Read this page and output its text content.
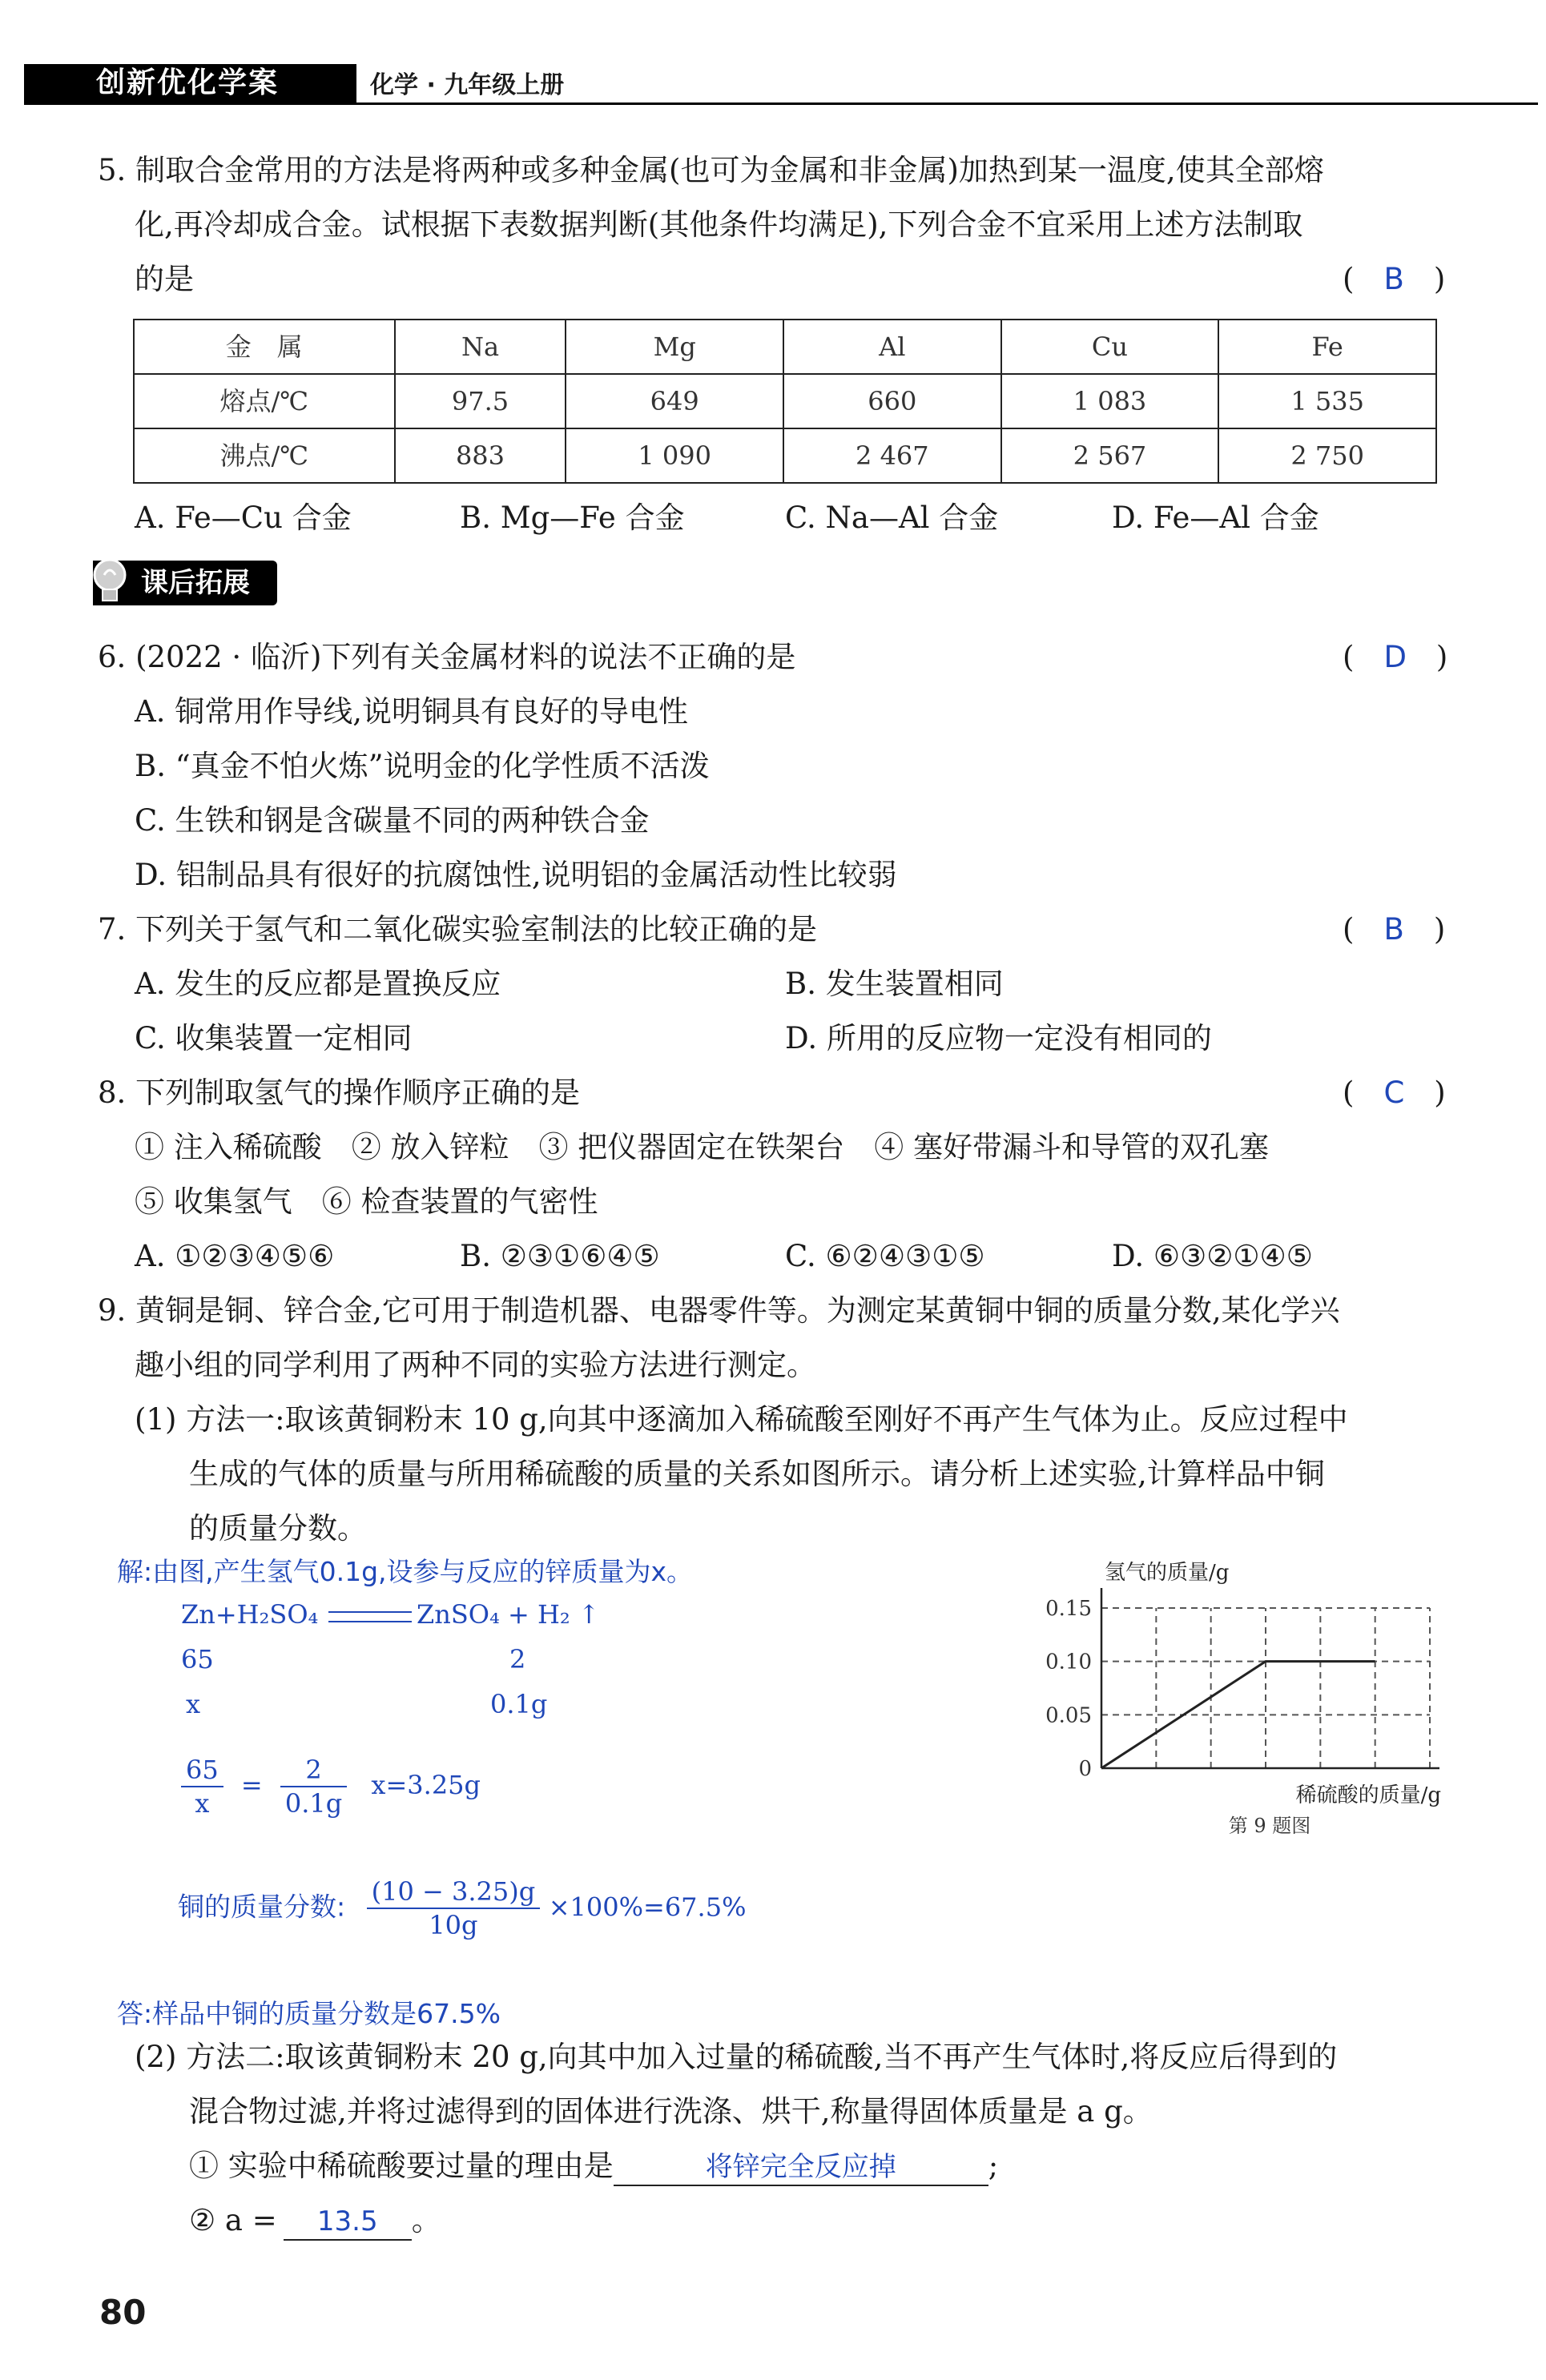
创新优化学案	化学 · 九年级上册
5. 制取合金常用的方法是将两种或多种金属(也可为金属和非金属)加热到某一温度,使其全部熔
化,再冷却成合金。试根据下表数据判断(其他条件均满足),下列合金不宜采用上述方法制取
的是	(　B　)
金　属	Na	Mg	Al	Cu	Fe
熔点/℃	97.5	649	660	1 083	1 535
沸点/℃	883	1 090	2 467	2 567	2 750
A. Fe—Cu 合金	B. Mg—Fe 合金	C. Na—Al 合金	D. Fe—Al 合金
课后拓展
6. (2022 · 临沂)下列有关金属材料的说法不正确的是	(　D　)
A. 铜常用作导线,说明铜具有良好的导电性
B. “真金不怕火炼”说明金的化学性质不活泼
C. 生铁和钢是含碳量不同的两种铁合金
D. 铝制品具有很好的抗腐蚀性,说明铝的金属活动性比较弱
7. 下列关于氢气和二氧化碳实验室制法的比较正确的是	(　B　)
A. 发生的反应都是置换反应	B. 发生装置相同
C. 收集装置一定相同	D. 所用的反应物一定没有相同的
8. 下列制取氢气的操作顺序正确的是	(　C　)
① 注入稀硫酸　② 放入锌粒　③ 把仪器固定在铁架台　④ 塞好带漏斗和导管的双孔塞
⑤ 收集氢气　⑥ 检查装置的气密性
A. ①②③④⑤⑥	B. ②③①⑥④⑤	C. ⑥②④③①⑤	D. ⑥③②①④⑤
9. 黄铜是铜、锌合金,它可用于制造机器、电器零件等。为测定某黄铜中铜的质量分数,某化学兴
趣小组的同学利用了两种不同的实验方法进行测定。
(1) 方法一:取该黄铜粉末 10 g,向其中逐滴加入稀硫酸至刚好不再产生气体为止。反应过程中
生成的气体的质量与所用稀硫酸的质量的关系如图所示。请分析上述实验,计算样品中铜
的质量分数。
解:由图,产生氢气0.1g,设参与反应的锌质量为x。
Zn+H₂SO₄	ZnSO₄ + H₂ ↑
65	2
x	0.1g
$\frac{65}{x} = \frac{2}{0.1g} x=3.25g$
铜的质量分数: $\frac{(10 - 3.25)g}{10g} \times 100\%=67.5\%$
答:样品中铜的质量分数是67.5%
0
0.05
0.10
0.15
氢气的质量/g
稀硫酸的质量/g
第 9 题图
(2) 方法二:取该黄铜粉末 20 g,向其中加入过量的稀硫酸,当不再产生气体时,将反应后得到的
混合物过滤,并将过滤得到的固体进行洗涤、烘干,称量得固体质量是 a g。
① 实验中稀硫酸要过量的理由是	将锌完全反应掉	;
② a = 13.5 。
80
